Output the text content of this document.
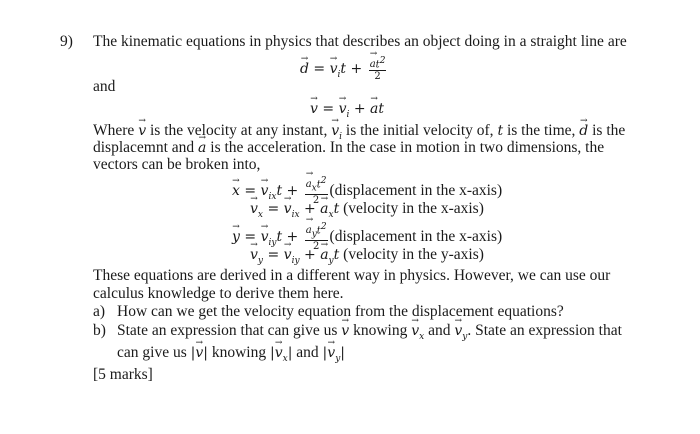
9) The kinematic equations in physics that describes an object doing in a straight line are
→ d = → $v_it$ + → $\frac{at^2}{2}$
and
→ v = → $v_i$ + → at
Where → v is the velocity at any instant, → $v_i$ is the initial velocity of, t is the time, → d is the
displacemnt and → a is the acceleration. In the case in motion in two dimensions, the
vectors can be broken into,
→ x = → $v_{ix}t$ + → $\frac{a_xt^2}{2}$ (displacement in the x-axis)
→ $v_x$ = → $v_{ix}$ + → $a_xt$ (velocity in the x-axis)
→ y = → $v_{iy}t$ + → $\frac{a_yt^2}{2}$ (displacement in the x-axis)
→ $v_y$ = → $v_{iy}$ + → $a_yt$ (velocity in the y-axis)
These equations are derived in a different way in physics. However, we can use our
calculus knowledge to derive them here.
a) How can we get the velocity equation from the displacement equations?
b) State an expression that can give us → v knowing → $v_x$ and → $v_y$. State an expression that
can give us |→ v| knowing |→ $v_x|$ and |→ $v_y|$
[5 marks]
